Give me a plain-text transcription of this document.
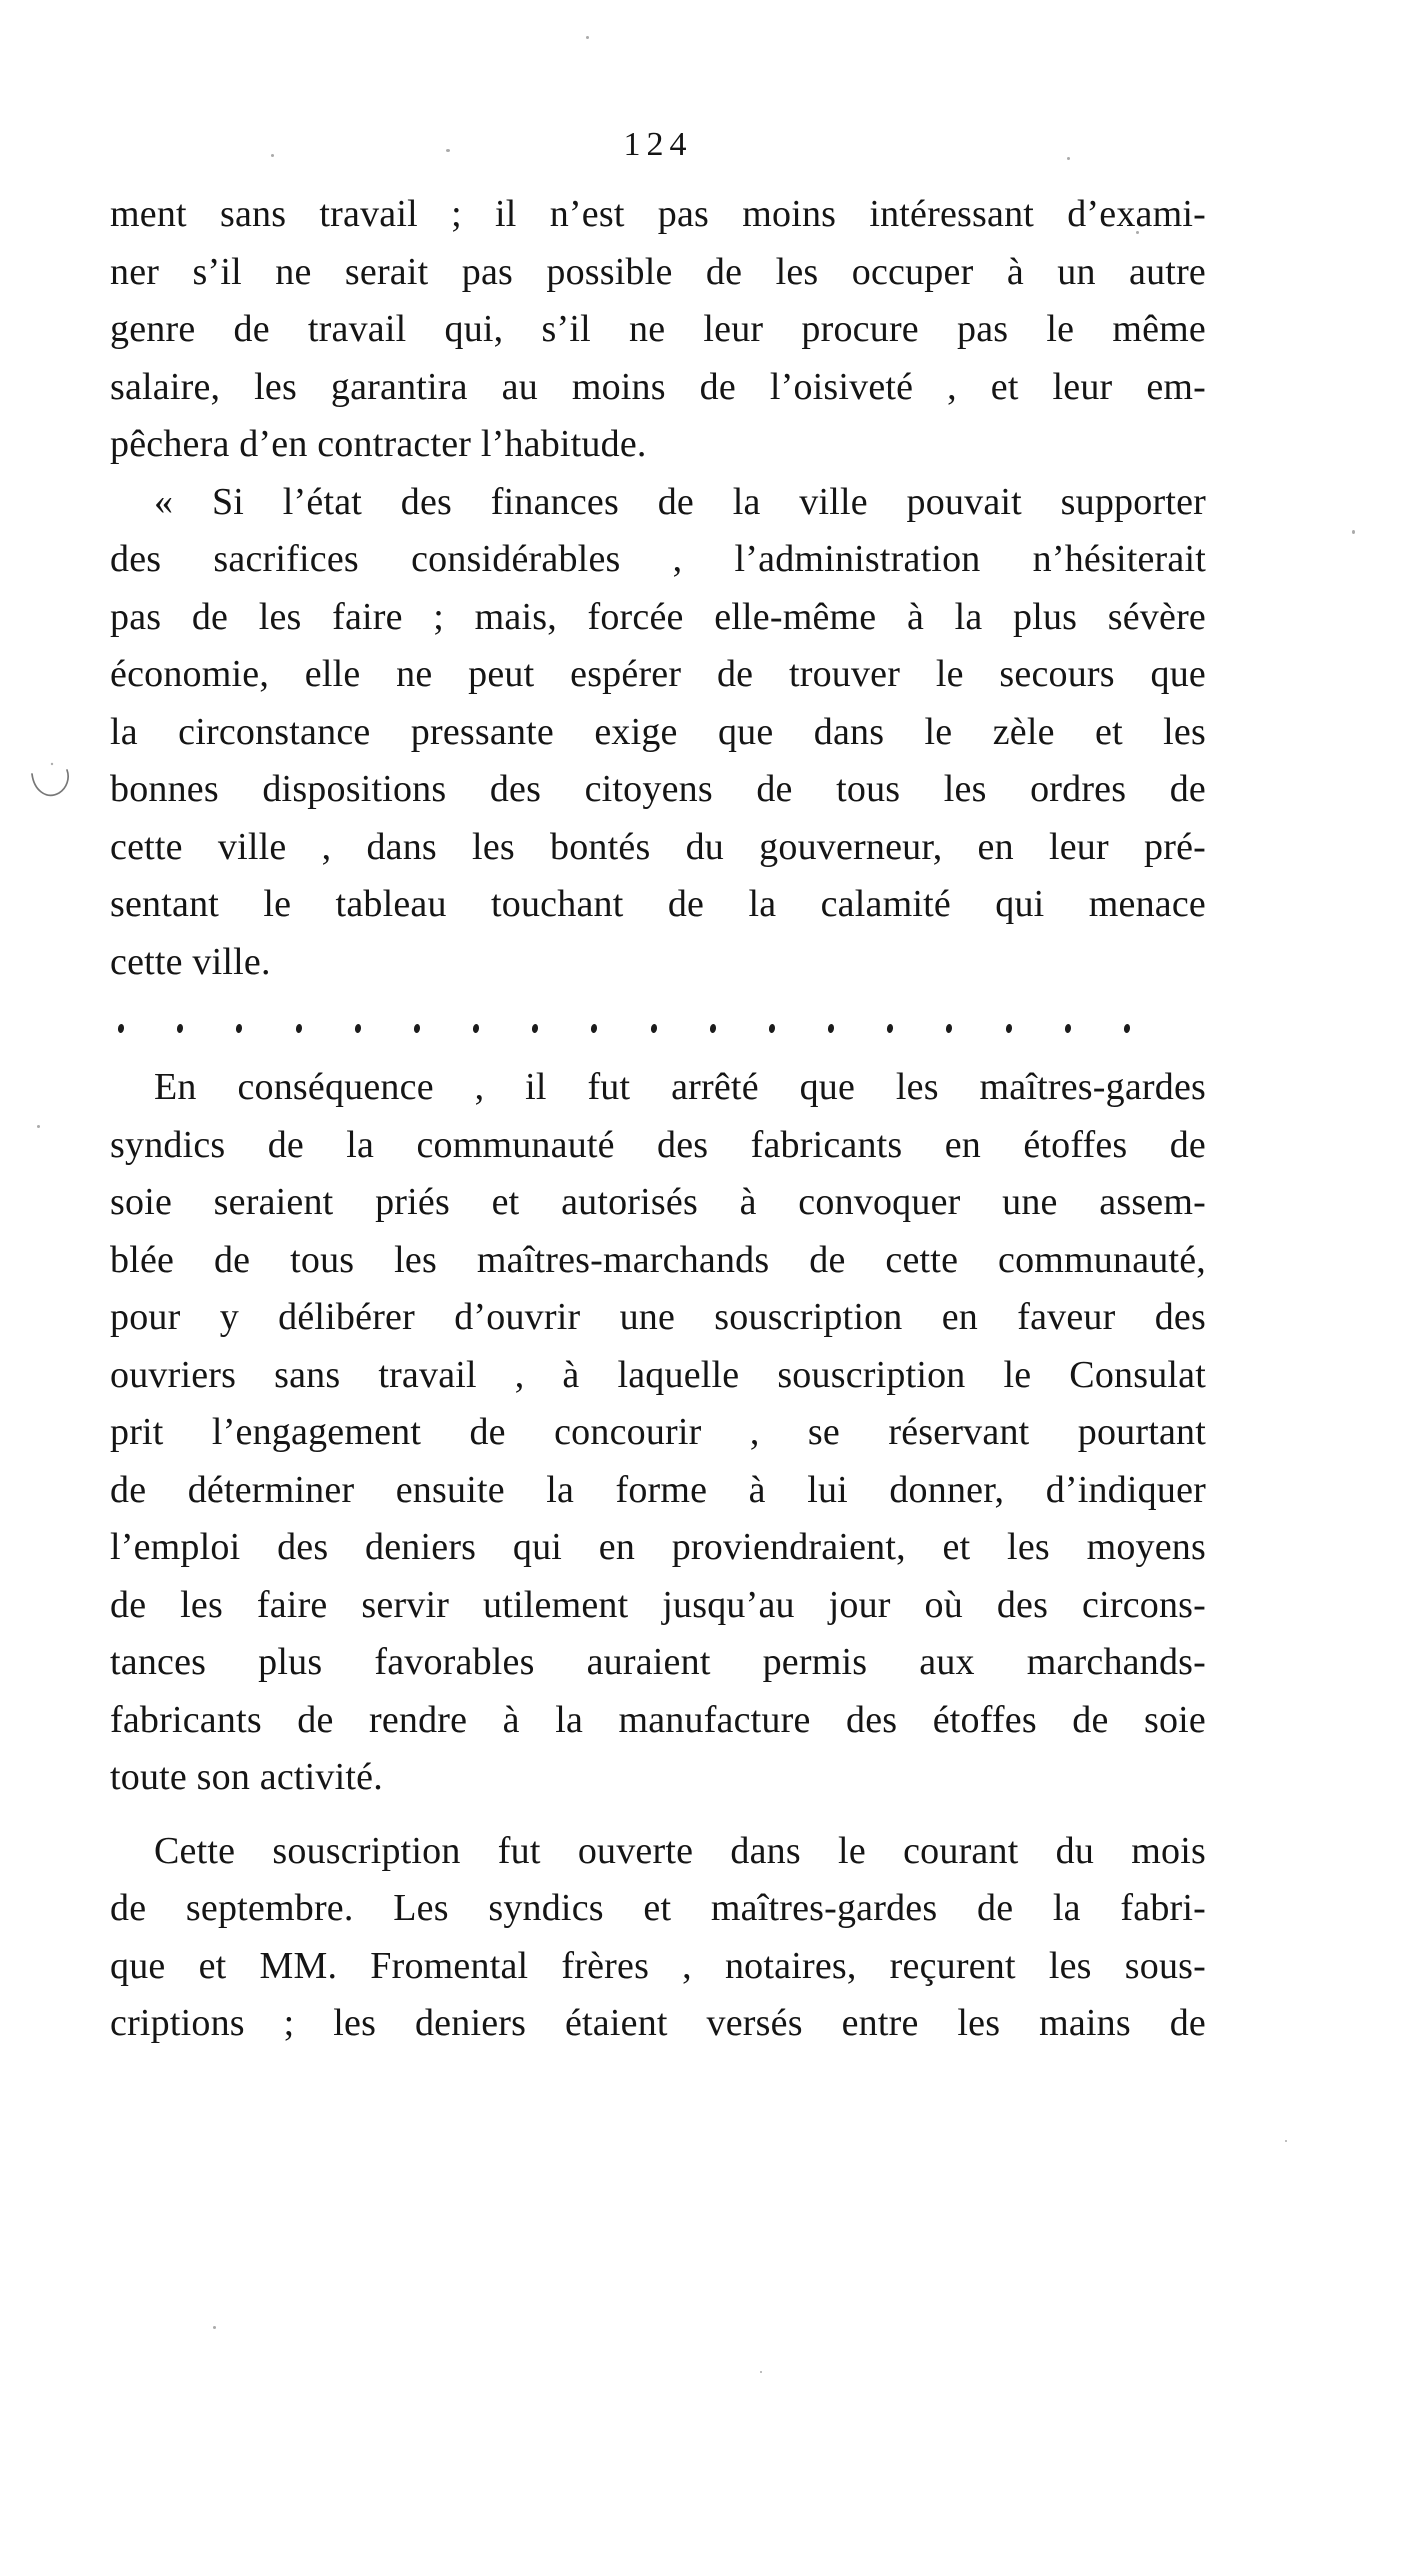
124
ment sans travail ; il n’est pas moins intéressant d’exami-
ner s’il ne serait pas possible de les occuper à un autre
genre de travail qui, s’il ne leur procure pas le même
salaire, les garantira au moins de l’oisiveté , et leur em-
pêchera d’en contracter l’habitude.
« Si l’état des finances de la ville pouvait supporter
des sacrifices considérables , l’administration n’hésiterait
pas de les faire ; mais, forcée elle-même à la plus sévère
économie, elle ne peut espérer de trouver le secours que
la circonstance pressante exige que dans le zèle et les
bonnes dispositions des citoyens de tous les ordres de
cette ville , dans les bontés du gouverneur, en leur pré-
sentant le tableau touchant de la calamité qui menace
cette ville.
En conséquence , il fut arrêté que les maîtres-gardes
syndics de la communauté des fabricants en étoffes de
soie seraient priés et autorisés à convoquer une assem-
blée de tous les maîtres-marchands de cette communauté,
pour y délibérer d’ouvrir une souscription en faveur des
ouvriers sans travail , à laquelle souscription le Consulat
prit l’engagement de concourir , se réservant pourtant
de déterminer ensuite la forme à lui donner, d’indiquer
l’emploi des deniers qui en proviendraient, et les moyens
de les faire servir utilement jusqu’au jour où des circons-
tances plus favorables auraient permis aux marchands-
fabricants de rendre à la manufacture des étoffes de soie
toute son activité.
Cette souscription fut ouverte dans le courant du mois
de septembre. Les syndics et maîtres-gardes de la fabri-
que et MM. Fromental frères , notaires, reçurent les sous-
criptions ; les deniers étaient versés entre les mains de
